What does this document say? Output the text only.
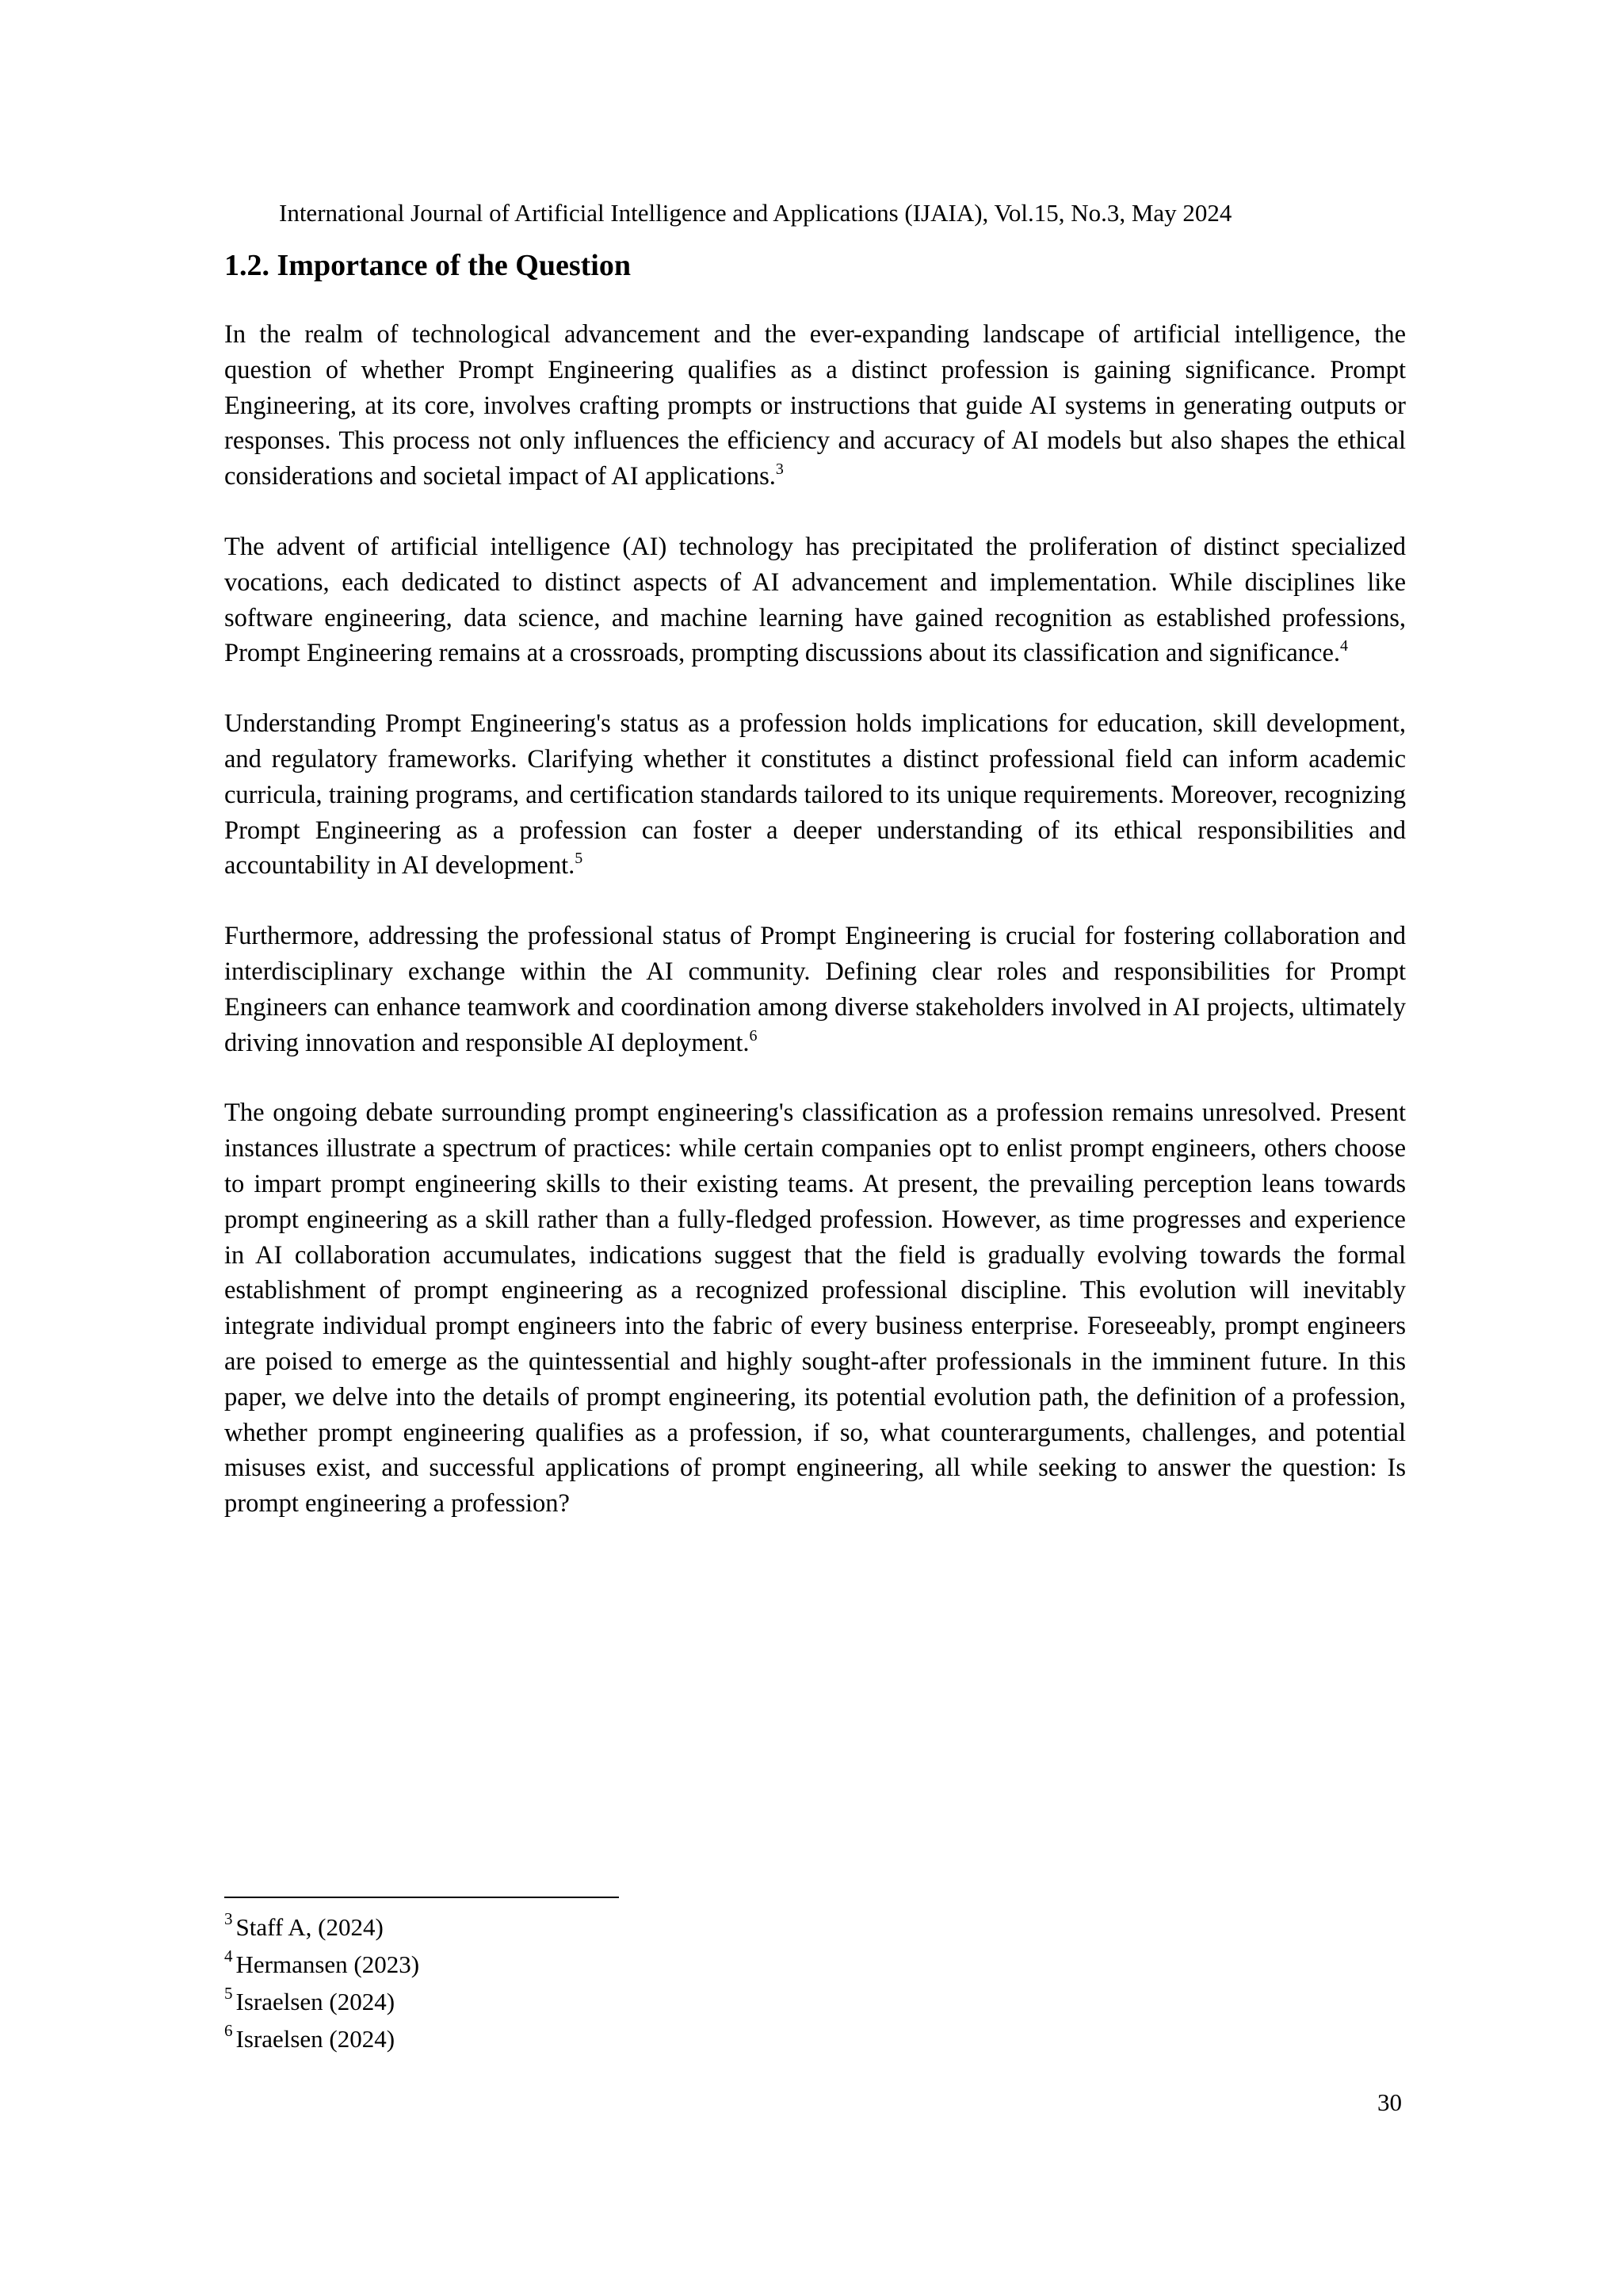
International Journal of Artificial Intelligence and Applications (IJAIA), Vol.15, No.3, May 2024
1.2. Importance of the Question

In the realm of technological advancement and the ever-expanding landscape of artificial intelligence, the question of whether Prompt Engineering qualifies as a distinct profession is gaining significance. Prompt Engineering, at its core, involves crafting prompts or instructions that guide AI systems in generating outputs or responses. This process not only influences the efficiency and accuracy of AI models but also shapes the ethical considerations and societal impact of AI applications.$^3$

The advent of artificial intelligence (AI) technology has precipitated the proliferation of distinct specialized vocations, each dedicated to distinct aspects of AI advancement and implementation. While disciplines like software engineering, data science, and machine learning have gained recognition as established professions, Prompt Engineering remains at a crossroads, prompting discussions about its classification and significance.$^4$

Understanding Prompt Engineering's status as a profession holds implications for education, skill development, and regulatory frameworks. Clarifying whether it constitutes a distinct professional field can inform academic curricula, training programs, and certification standards tailored to its unique requirements. Moreover, recognizing Prompt Engineering as a profession can foster a deeper understanding of its ethical responsibilities and accountability in AI development.$^5$

Furthermore, addressing the professional status of Prompt Engineering is crucial for fostering collaboration and interdisciplinary exchange within the AI community. Defining clear roles and responsibilities for Prompt Engineers can enhance teamwork and coordination among diverse stakeholders involved in AI projects, ultimately driving innovation and responsible AI deployment.$^6$

The ongoing debate surrounding prompt engineering's classification as a profession remains unresolved. Present instances illustrate a spectrum of practices: while certain companies opt to enlist prompt engineers, others choose to impart prompt engineering skills to their existing teams. At present, the prevailing perception leans towards prompt engineering as a skill rather than a fully-fledged profession. However, as time progresses and experience in AI collaboration accumulates, indications suggest that the field is gradually evolving towards the formal establishment of prompt engineering as a recognized professional discipline. This evolution will inevitably integrate individual prompt engineers into the fabric of every business enterprise. Foreseeably, prompt engineers are poised to emerge as the quintessential and highly sought-after professionals in the imminent future. In this paper, we delve into the details of prompt engineering, its potential evolution path, the definition of a profession, whether prompt engineering qualifies as a profession, if so, what counterarguments, challenges, and potential misuses exist, and successful applications of prompt engineering, all while seeking to answer the question: Is prompt engineering a profession?

$^3$ Staff A, (2024)
$^4$ Hermansen (2023)
$^5$ Israelsen (2024)
$^6$ Israelsen (2024)
30
